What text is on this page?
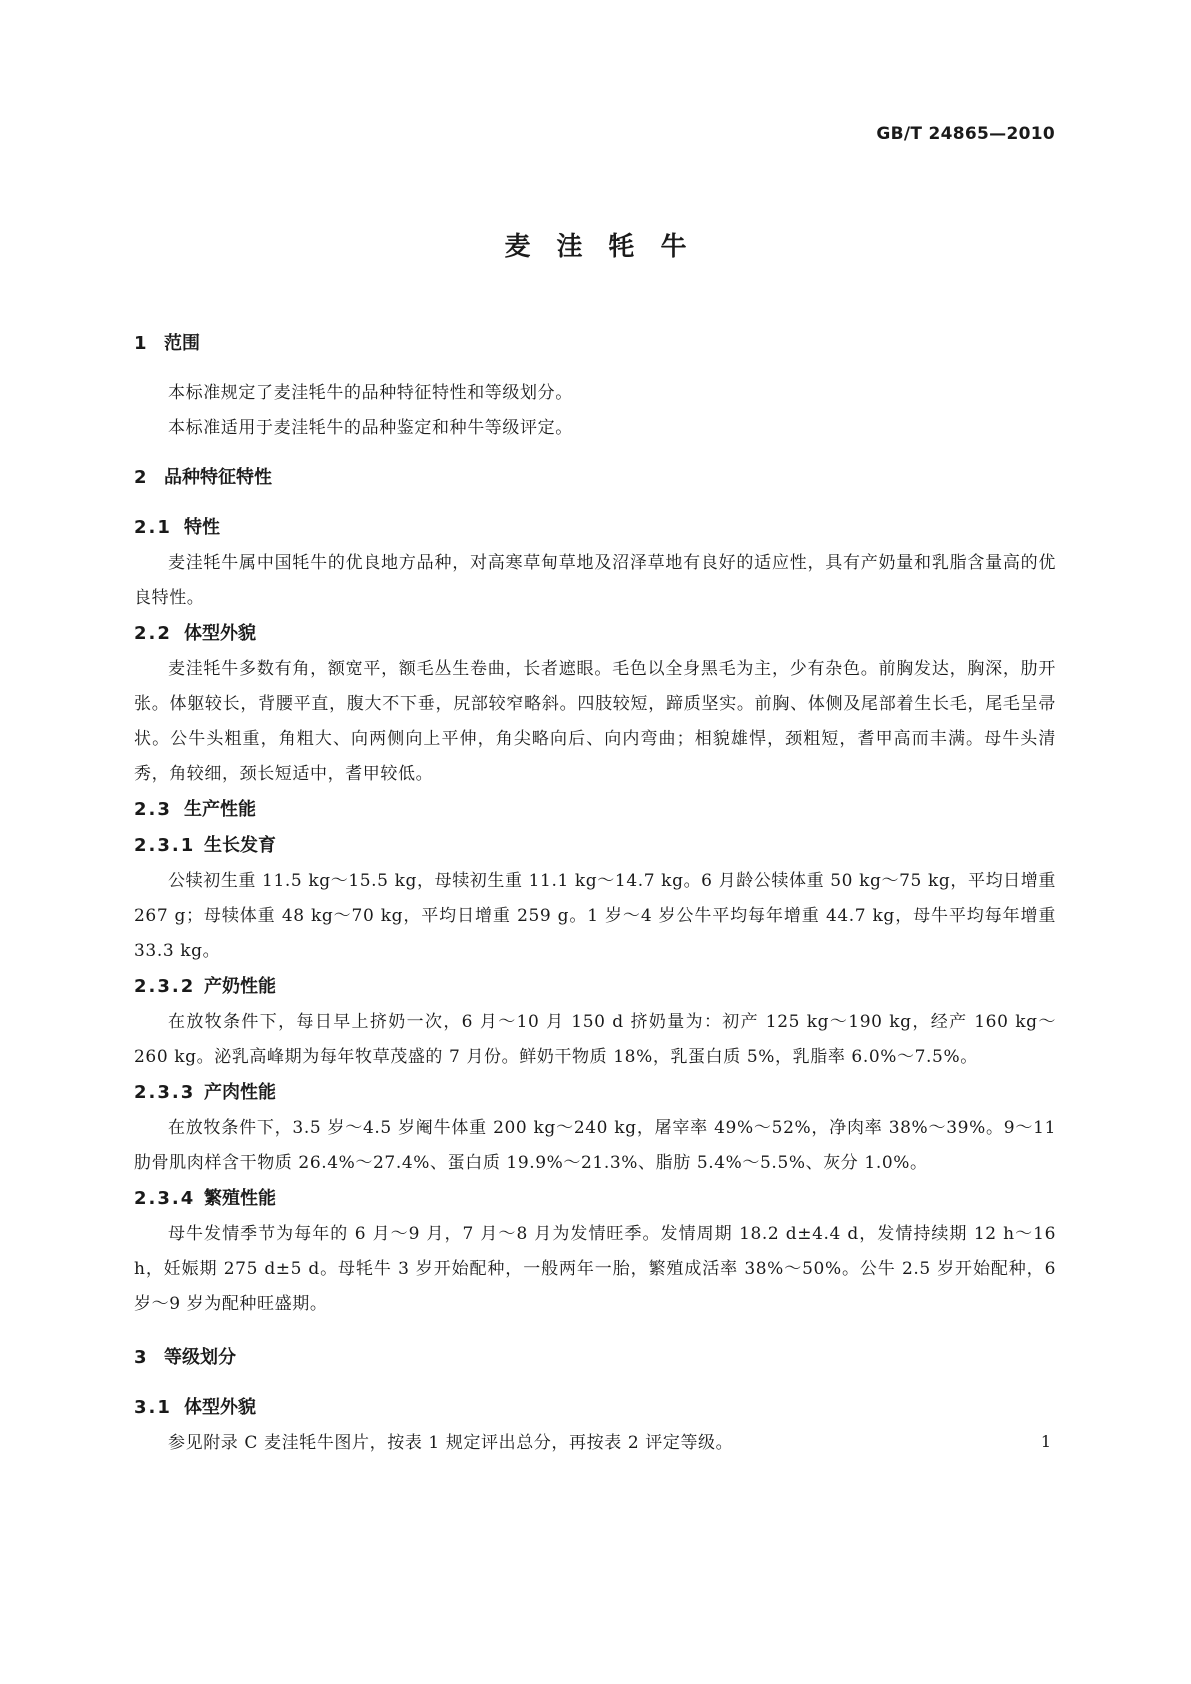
GB/T 24865—2010
麦洼牦牛
1 范围
本标准规定了麦洼牦牛的品种特征特性和等级划分。
本标准适用于麦洼牦牛的品种鉴定和种牛等级评定。
2 品种特征特性
2.1 特性
麦洼牦牛属中国牦牛的优良地方品种，对高寒草甸草地及沼泽草地有良好的适应性，具有产奶量和乳脂含量高的优良特性。
2.2 体型外貌
麦洼牦牛多数有角，额宽平，额毛丛生卷曲，长者遮眼。毛色以全身黑毛为主，少有杂色。前胸发达，胸深，肋开张。体躯较长，背腰平直，腹大不下垂，尻部较窄略斜。四肢较短，蹄质坚实。前胸、体侧及尾部着生长毛，尾毛呈帚状。公牛头粗重，角粗大、向两侧向上平伸，角尖略向后、向内弯曲；相貌雄悍，颈粗短，耆甲高而丰满。母牛头清秀，角较细，颈长短适中，耆甲较低。
2.3 生产性能
2.3.1 生长发育
公犊初生重 11.5 kg～15.5 kg，母犊初生重 11.1 kg～14.7 kg。6 月龄公犊体重 50 kg～75 kg，平均日增重 267 g；母犊体重 48 kg～70 kg，平均日增重 259 g。1 岁～4 岁公牛平均每年增重 44.7 kg，母牛平均每年增重 33.3 kg。
2.3.2 产奶性能
在放牧条件下，每日早上挤奶一次，6 月～10 月 150 d 挤奶量为：初产 125 kg～190 kg，经产 160 kg～260 kg。泌乳高峰期为每年牧草茂盛的 7 月份。鲜奶干物质 18%，乳蛋白质 5%，乳脂率 6.0%～7.5%。
2.3.3 产肉性能
在放牧条件下，3.5 岁～4.5 岁阉牛体重 200 kg～240 kg，屠宰率 49%～52%，净肉率 38%～39%。9～11 肋骨肌肉样含干物质 26.4%～27.4%、蛋白质 19.9%～21.3%、脂肪 5.4%～5.5%、灰分 1.0%。
2.3.4 繁殖性能
母牛发情季节为每年的 6 月～9 月，7 月～8 月为发情旺季。发情周期 18.2 d±4.4 d，发情持续期 12 h～16 h，妊娠期 275 d±5 d。母牦牛 3 岁开始配种，一般两年一胎，繁殖成活率 38%～50%。公牛 2.5 岁开始配种，6 岁～9 岁为配种旺盛期。
3 等级划分
3.1 体型外貌
参见附录 C 麦洼牦牛图片，按表 1 规定评出总分，再按表 2 评定等级。	1
